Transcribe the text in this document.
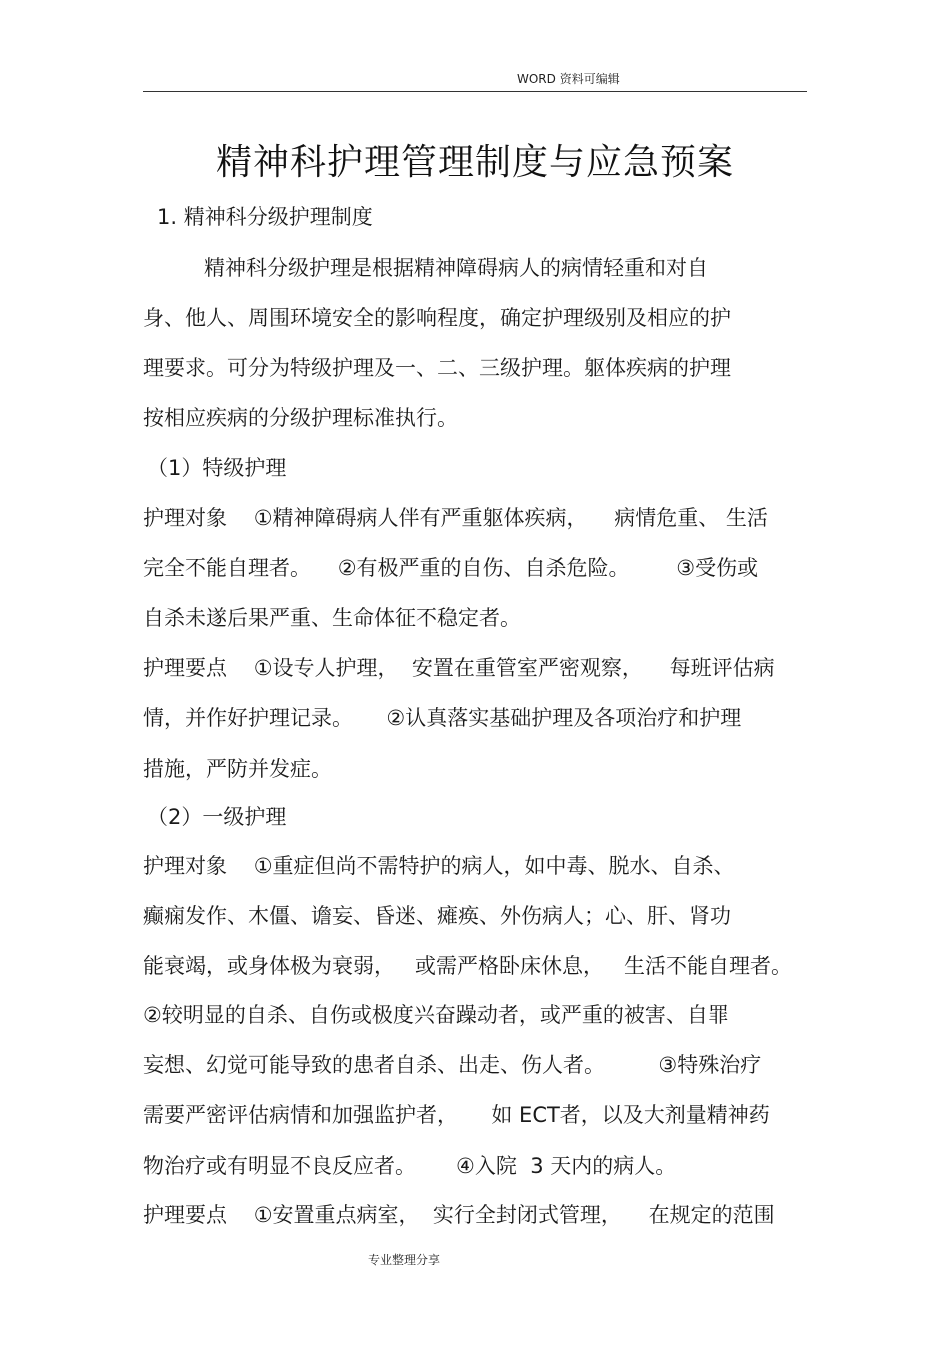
WORD 资料可编辑
精神科护理管理制度与应急预案
1. 精神科分级护理制度
精神科分级护理是根据精神障碍病人的病情轻重和对自
身、他人、周围环境安全的影响程度，确定护理级别及相应的护
理要求。可分为特级护理及一、二、三级护理。躯体疾病的护理
按相应疾病的分级护理标准执行。
（1）特级护理
护理对象    ①精神障碍病人伴有严重躯体疾病，    病情危重、 生活
完全不能自理者。    ②有极严重的自伤、自杀危险。       ③受伤或
自杀未遂后果严重、生命体征不稳定者。
护理要点    ①设专人护理，  安置在重管室严密观察，    每班评估病
情，并作好护理记录。     ②认真落实基础护理及各项治疗和护理
措施，严防并发症。
（2）一级护理
护理对象    ①重症但尚不需特护的病人，如中毒、脱水、自杀、
癫痫发作、木僵、谵妄、昏迷、瘫痪、外伤病人；心、肝、肾功
能衰竭，或身体极为衰弱，   或需严格卧床休息，   生活不能自理者。
②较明显的自杀、自伤或极度兴奋躁动者，或严重的被害、自罪
妄想、幻觉可能导致的患者自杀、出走、伤人者。        ③特殊治疗
需要严密评估病情和加强监护者，     如 ECT者，以及大剂量精神药
物治疗或有明显不良反应者。      ④入院  3 天内的病人。
护理要点    ①安置重点病室，  实行全封闭式管理，    在规定的范围
专业整理分享
